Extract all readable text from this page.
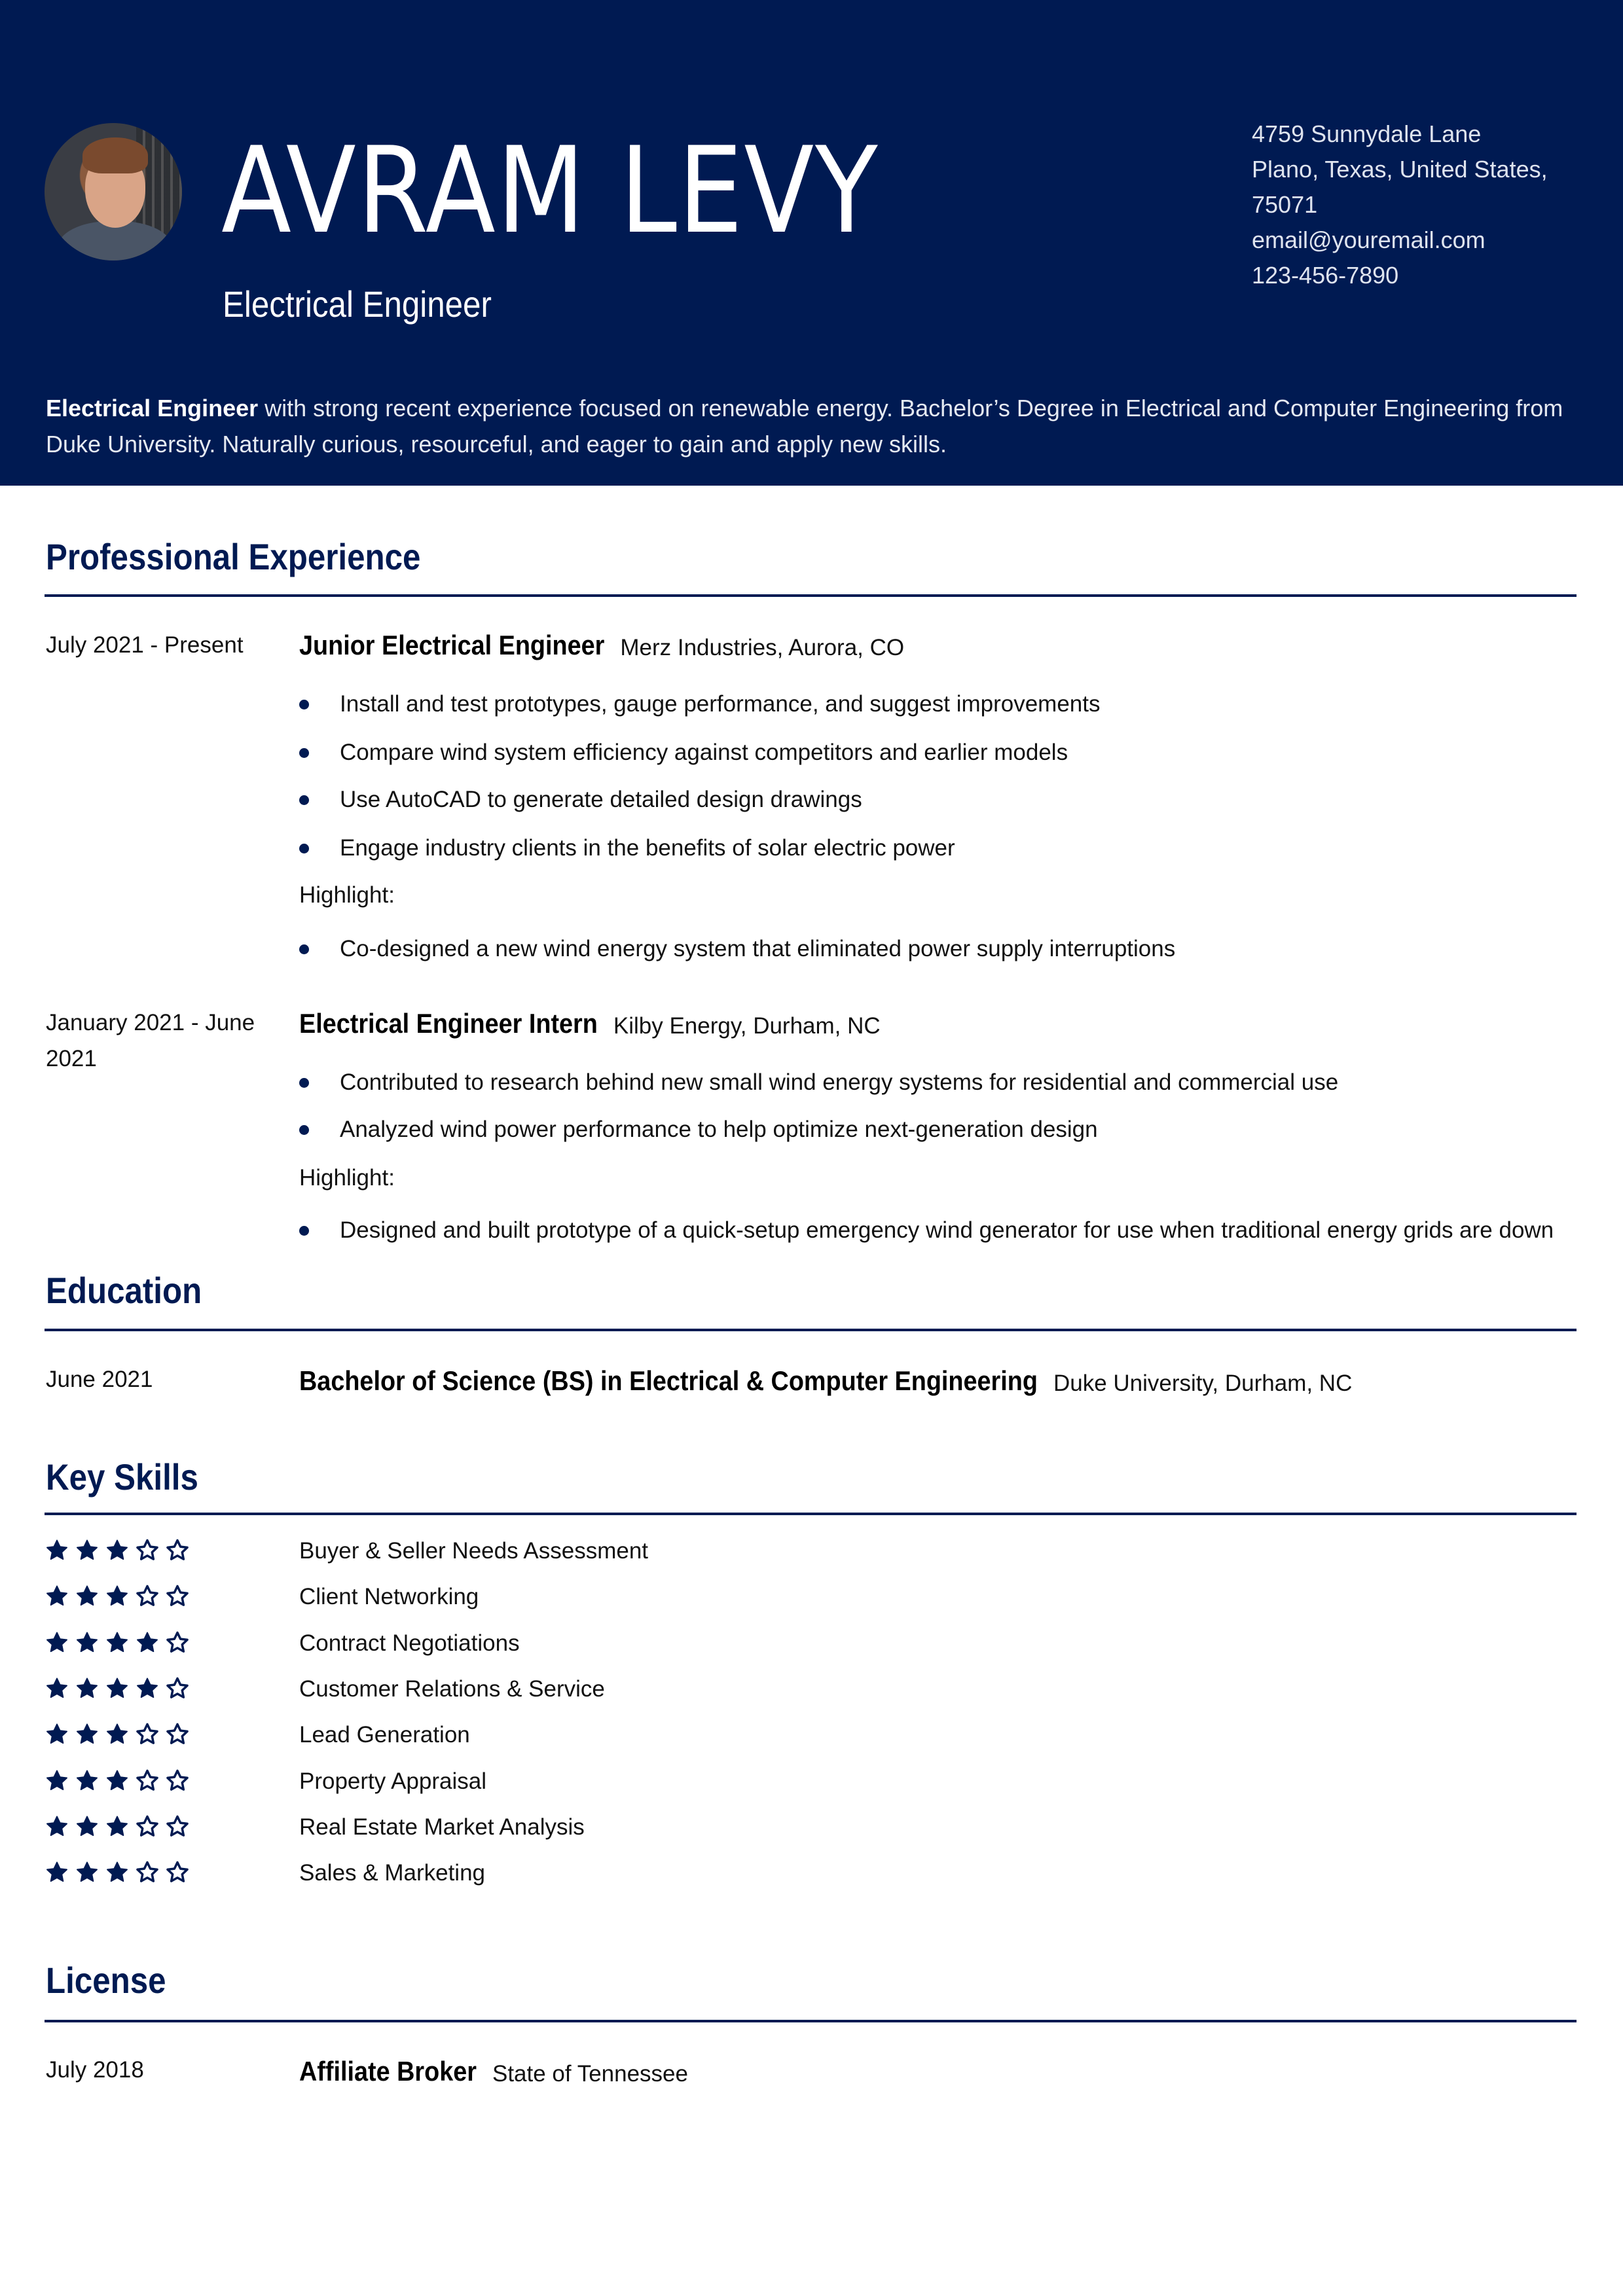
AVRAM LEVY
Electrical Engineer
4759 Sunnydale Lane
Plano, Texas, United States,
75071
email@youremail.com
123-456-7890
Electrical Engineer with strong recent experience focused on renewable energy. Bachelor’s Degree in Electrical and Computer Engineering from
Duke University. Naturally curious, resourceful, and eager to gain and apply new skills.
Professional Experience
July 2021 - Present Junior Electrical Engineer Merz Industries, Aurora, CO
Install and test prototypes, gauge performance, and suggest improvements
Compare wind system efficiency against competitors and earlier models
Use AutoCAD to generate detailed design drawings
Engage industry clients in the benefits of solar electric power
Highlight:
Co-designed a new wind energy system that eliminated power supply interruptions
January 2021 - June
2021
Electrical Engineer Intern Kilby Energy, Durham, NC
Contributed to research behind new small wind energy systems for residential and commercial use
Analyzed wind power performance to help optimize next-generation design
Highlight:
Designed and built prototype of a quick-setup emergency wind generator for use when traditional energy grids are down
Education
June 2021	Bachelor of Science (BS) in Electrical & Computer Engineering Duke University, Durham, NC
Key Skills
Buyer & Seller Needs Assessment
Client Networking
Contract Negotiations
Customer Relations & Service
Lead Generation
Property Appraisal
Real Estate Market Analysis
Sales & Marketing
License
July 2018	Affiliate Broker State of Tennessee
